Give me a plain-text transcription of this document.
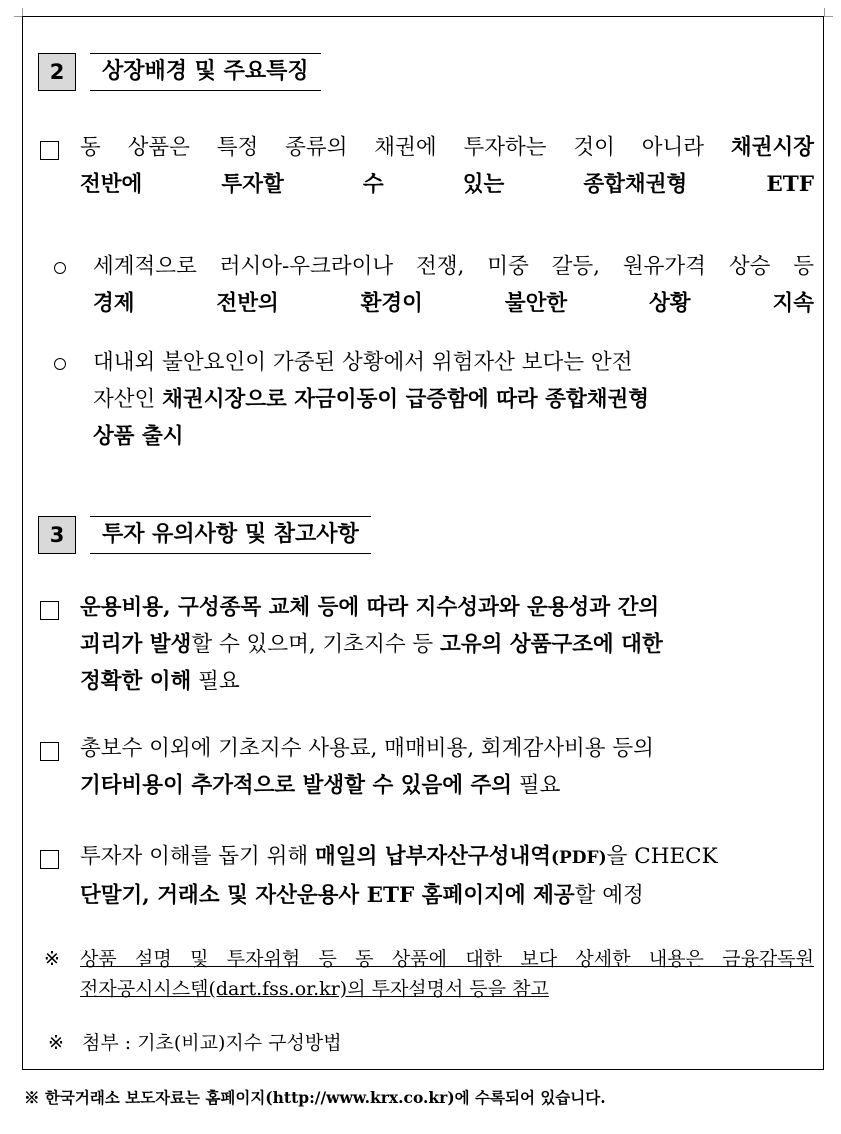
2	상장배경 및 주요특징
동 상품은 특정 종류의 채권에 투자하는 것이 아니라 채권시장
전반에 투자할 수 있는 종합채권형 ETF
세계적으로 러시아-우크라이나 전쟁, 미중 갈등, 원유가격 상승 등
경제 전반의 환경이 불안한 상황 지속
대내외 불안요인이 가중된 상황에서 위험자산 보다는 안전
자산인 채권시장으로 자금이동이 급증함에 따라 종합채권형
상품 출시
3	투자 유의사항 및 참고사항
운용비용, 구성종목 교체 등에 따라 지수성과와 운용성과 간의
괴리가 발생할 수 있으며, 기초지수 등 고유의 상품구조에 대한
정확한 이해 필요
총보수 이외에 기초지수 사용료, 매매비용, 회계감사비용 등의
기타비용이 추가적으로 발생할 수 있음에 주의 필요
투자자 이해를 돕기 위해 매일의 납부자산구성내역(PDF)을 CHECK
단말기, 거래소 및 자산운용사 ETF 홈페이지에 제공할 예정
※ 상품 설명 및 투자위험 등 동 상품에 대한 보다 상세한 내용은 금융감독원
전자공시시스템(dart.fss.or.kr)의 투자설명서 등을 참고
※ 첨부 : 기초(비교)지수 구성방법
※ 한국거래소 보도자료는 홈페이지(http://www.krx.co.kr)에 수록되어 있습니다.
